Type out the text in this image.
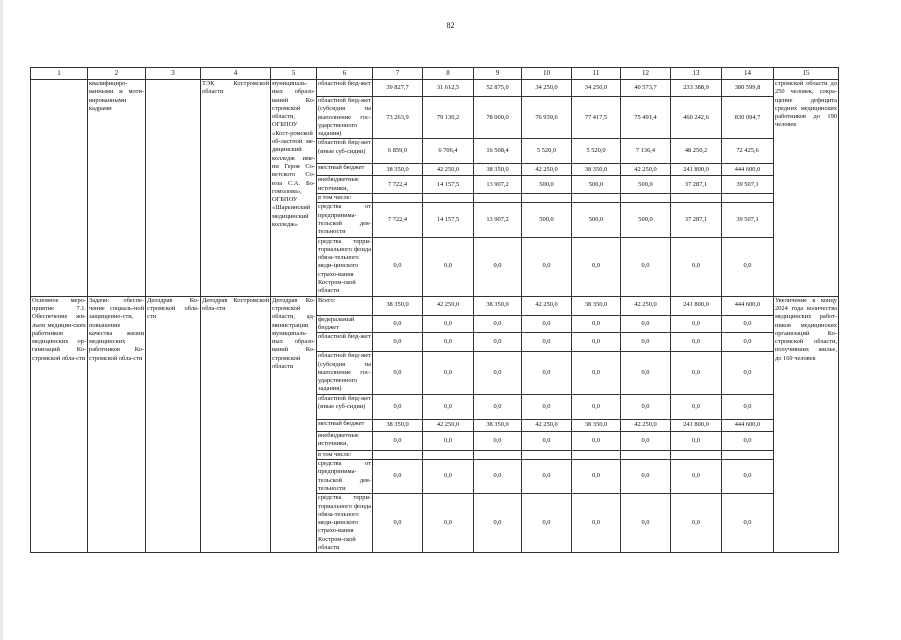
82
1	2	3	4	5	6	7	8	9	10	11	12	13	14	15
	квалифициро-ванными и моти-вированными кадрами		ТЭК Костромской области	муниципаль-ных образо-ваний Ко-стромской области, ОГБПОУ «Кост-ромской об-ластной ме-дицинский колледж име-ни Героя Со-ветского Со-юза С.А. Бо-гомолова», ОГБПОУ «Шарьинский медицинский колледж»	областной бюд-жет	39 827,7	31 612,5	52 875,0	34 250,0	34 250,0	40 573,7	233 388,9	380 599,8	стромской области до 250 человек, сокра-щение дефицита средних медицинских работников до 190 человек
					областной бюд-жет (субсидия на выполнение гос-ударственного задания)	73 263,9	79 130,2	78 000,0	76 939,6	77 417,5	75 491,4	460 242,6	830 094,7	
					областной бюд-жет (иные суб-сидии)	6 859,0	6 706,4	16 508,4	5 520,0	5 520,0	7 136,4	48 250,2	72 425,6	
					местный бюджет	38 350,0	42 250,0	38 350,0	42 250,0	38 350,0	42 250,0	241 800,0	444 600,0	
					внебюджетные источники,	7 722,4	14 157,5	13 907,2	500,0	500,0	500,0	37 287,1	39 507,1	
					в том числе:									
					средства от предпринима-тельской дея-тельности	7 722,4	14 157,5	13 907,2	500,0	500,0	500,0	37 287,1	39 507,1	
					средства терри-ториального фонда обяза-тельного меди-цинского страхо-вания Костром-ской области	0,0	0,0	0,0	0,0	0,0	0,0	0,0	0,0	
Основное меро-приятие 7.1. Обеспечение жи-льем медицин-ских работников медицинских ор-ганизаций Ко-стромской обла-сти	Задачи: обеспе-чение социаль-ной защищенно-сти, повышение качества жизни медицинских работников Ко-стромской обла-сти	Депздрав Ко-стромской обла-сти	Депздрав Костромской обла-сти	Депздрав Ко-стромской области, ад-министрации муниципаль-ных образо-ваний Ко-стромской области	Всего:	38 350,0	42 250,0	38 350,0	42 250,0	38 350,0	42 250,0	241 800,0	444 600,0	Увеличение к концу 2024 года количества медицинских работ-ников медицинских организаций Ко-стромской области, получивших жилье, до 169 человек
					федеральный бюджет	0,0	0,0	0,0	0,0	0,0	0,0	0,0	0,0	
					областной бюд-жет	0,0	0,0	0,0	0,0	0,0	0,0	0,0	0,0	
					областной бюд-жет (субсидия на выполнение гос-ударственного задания)	0,0	0,0	0,0	0,0	0,0	0,0	0,0	0,0	
					областной бюд-жет (иные суб-сидии)	0,0	0,0	0,0	0,0	0,0	0,0	0,0	0,0	
					местный бюджет	38 350,0	42 250,0	38 350,0	42 250,0	38 350,0	42 250,0	241 800,0	444 600,0	
					внебюджетные источники,	0,0	0,0	0,0	0,0	0,0	0,0	0,0	0,0	
					в том числе:									
					средства от предпринима-тельской дея-тельности	0,0	0,0	0,0	0,0	0,0	0,0	0,0	0,0	
					средства терри-ториального фонда обяза-тельного меди-цинского страхо-вания Костром-ской области	0,0	0,0	0,0	0,0	0,0	0,0	0,0	0,0	
